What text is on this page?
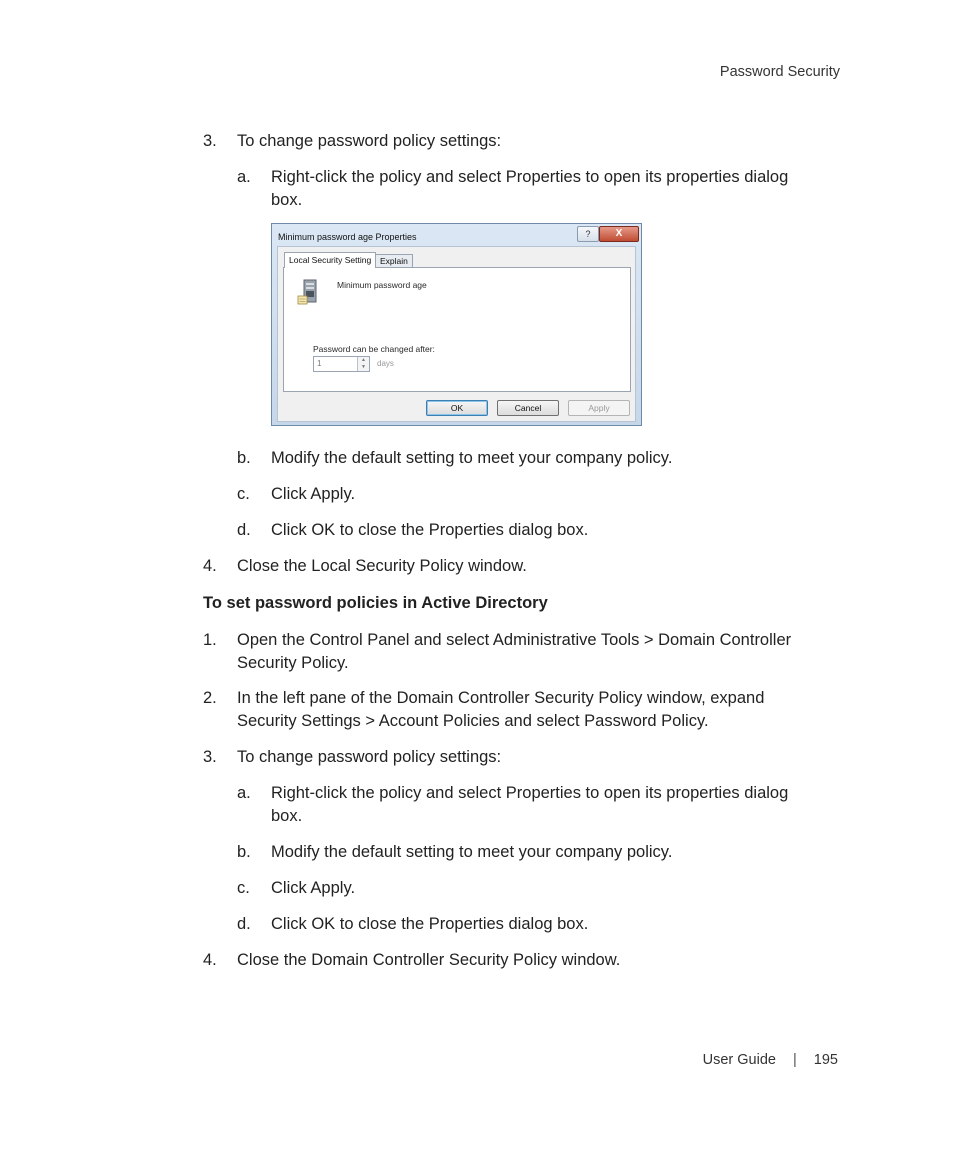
Password Security
3. To change password policy settings:
a. Right-click the policy and select Properties to open its properties dialog
box.
Minimum password age Properties	?	X
Local Security Setting	Explain
Minimum password age
Password can be changed after:
1	▲
▼	days
OK	Cancel	Apply
b. Modify the default setting to meet your company policy.
c. Click Apply.
d. Click OK to close the Properties dialog box.
4. Close the Local Security Policy window.
To set password policies in Active Directory
1. Open the Control Panel and select Administrative Tools > Domain Controller
Security Policy.
2. In the left pane of the Domain Controller Security Policy window, expand
Security Settings > Account Policies and select Password Policy.
3. To change password policy settings:
a. Right-click the policy and select Properties to open its properties dialog
box.
b. Modify the default setting to meet your company policy.
c. Click Apply.
d. Click OK to close the Properties dialog box.
4. Close the Domain Controller Security Policy window.
User Guide | 195
